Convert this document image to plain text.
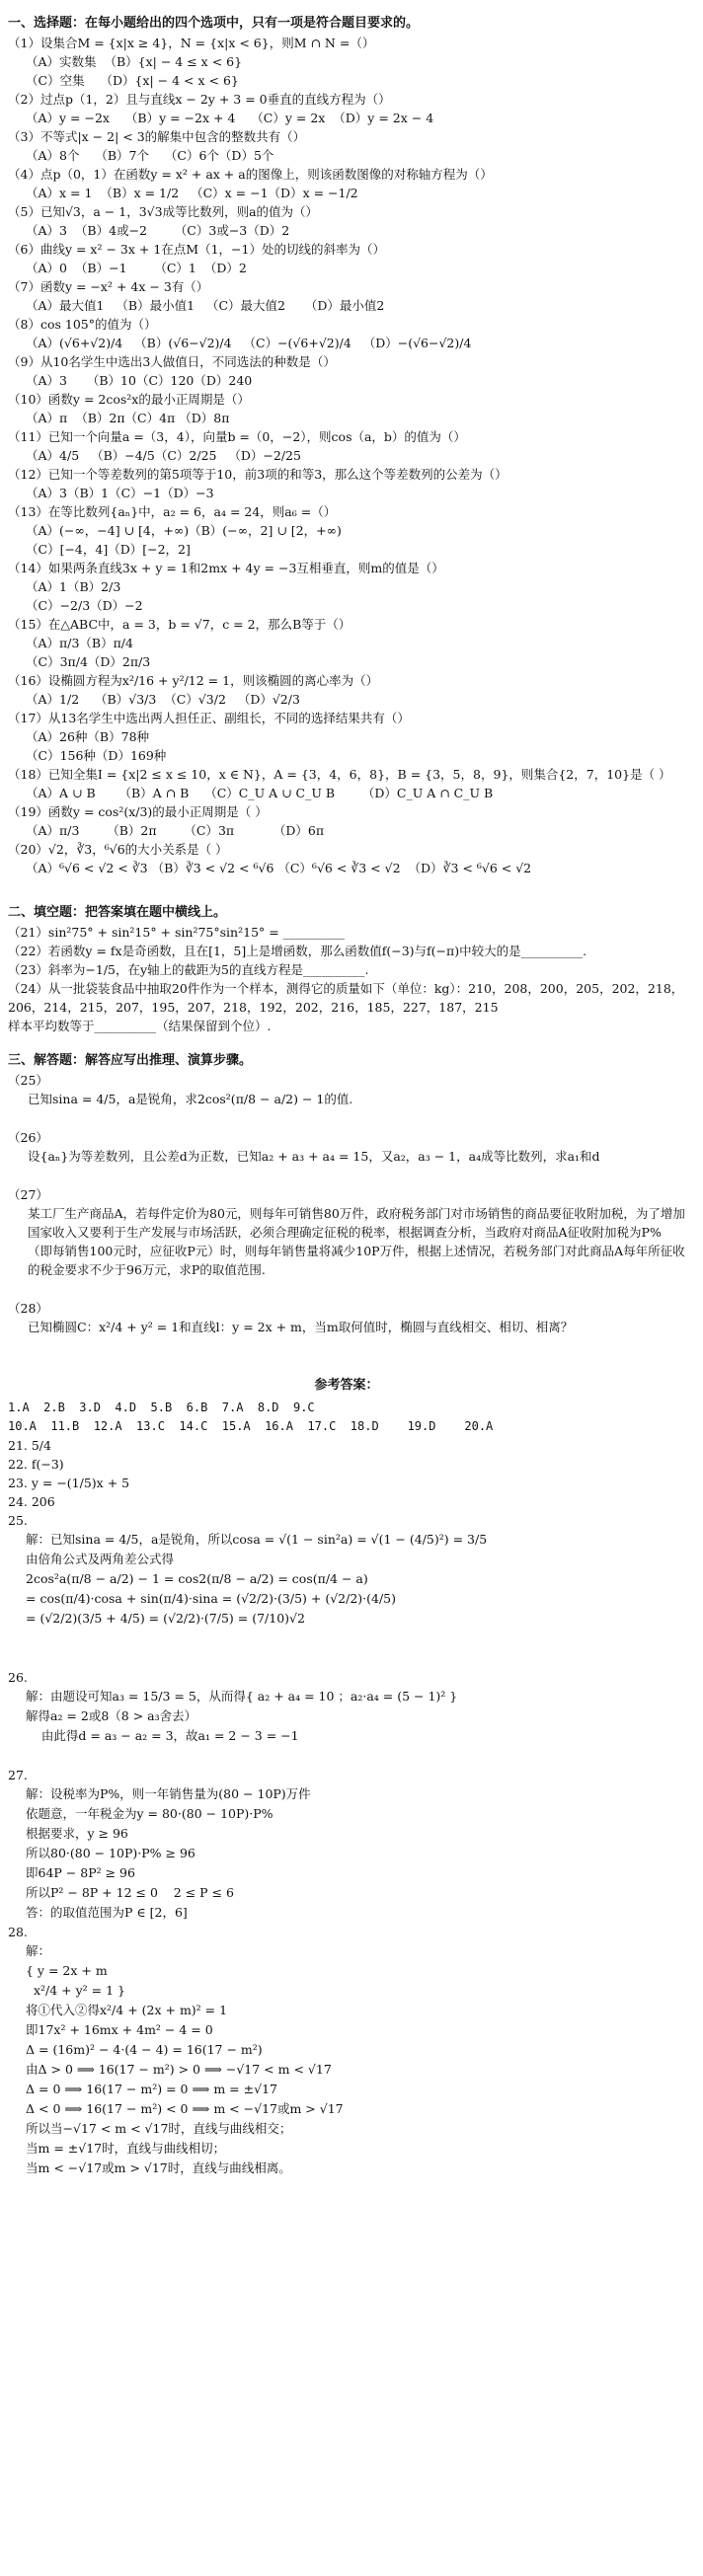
一、选择题：在每小题给出的四个选项中，只有一项是符合题目要求的。
（1）设集合M = {x|x ≥ 4}，N = {x|x < 6}，则M ∩ N =（）
（A）实数集  （B）{x| − 4 ≤ x < 6}
（C）空集    （D）{x| − 4 < x < 6}
（2）过点p（1，2）且与直线x − 2y + 3 = 0垂直的直线方程为（）
（A）y = −2x    （B）y = −2x + 4    （C）y = 2x  （D）y = 2x − 4
（3）不等式|x − 2| < 3的解集中包含的整数共有（）
（A）8个    （B）7个    （C）6个（D）5个
（4）点p（0，1）在函数y = x² + ax + a的图像上，则该函数图像的对称轴方程为（）
（A）x = 1  （B）x = 1/2   （C）x = −1（D）x = −1/2
（5）已知√3，a − 1，3√3成等比数列，则a的值为（）
（A）3  （B）4或−2       （C）3或−3（D）2
（6）曲线y = x² − 3x + 1在点M（1，−1）处的切线的斜率为（）
（A）0  （B）−1       （C）1  （D）2
（7）函数y = −x² + 4x − 3有（）
（A）最大值1   （B）最小值1   （C）最大值2     （D）最小值2
（8）cos 105°的值为（）
（A）(√6+√2)/4   （B）(√6−√2)/4   （C）−(√6+√2)/4   （D）−(√6−√2)/4
（9）从10名学生中选出3人做值日，不同选法的种数是（）
（A）3     （B）10（C）120（D）240
（10）函数y = 2cos²x的最小正周期是（）
（A）π  （B）2π（C）4π （D）8π
（11）已知一个向量a =（3，4），向量b =（0，−2），则cos（a，b）的值为（）
（A）4/5   （B）−4/5（C）2/25   （D）−2/25
（12）已知一个等差数列的第5项等于10，前3项的和等3，那么这个等差数列的公差为（）
（A）3（B）1（C）−1（D）−3
（13）在等比数列{aₙ}中，a₂ = 6，a₄ = 24，则a₆ =（）
（A）(−∞，−4] ∪ [4，+∞)（B）(−∞，2] ∪ [2，+∞)
（C）[−4，4]（D）[−2，2]
（14）如果两条直线3x + y = 1和2mx + 4y = −3互相垂直，则m的值是（）
（A）1（B）2/3
（C）−2/3（D）−2
（15）在△ABC中，a = 3，b = √7，c = 2，那么B等于（）
（A）π/3（B）π/4
（C）3π/4（D）2π/3
（16）设椭圆方程为x²/16 + y²/12 = 1，则该椭圆的离心率为（）
（A）1/2    （B）√3/3  （C）√3/2   （D）√2/3
（17）从13名学生中选出两人担任正、副组长，不同的选择结果共有（）
（A）26种（B）78种
（C）156种（D）169种
（18）已知全集I = {x|2 ≤ x ≤ 10，x ∈ N}，A = {3，4，6，8}，B = {3，5，8，9}，则集合{2，7，10}是（ ）
（A）A ∪ B      （B）A ∩ B    （C）C_U A ∪ C_U B       （D）C_U A ∩ C_U B
（19）函数y = cos²(x/3)的最小正周期是（ ）
（A）π/3       （B）2π       （C）3π          （D）6π
（20）√2，∛3，⁶√6的大小关系是（ ）
（A）⁶√6 < √2 < ∛3 （B）∛3 < √2 < ⁶√6 （C）⁶√6 < ∛3 < √2  （D）∛3 < ⁶√6 < √2
二、填空题：把答案填在题中横线上。
（21）sin²75° + sin²15° + sin²75°sin²15° = __________
（22）若函数y = fx是奇函数，且在[1，5]上是增函数，那么函数值f(−3)与f(−π)中较大的是__________.
（23）斜率为−1/5，在y轴上的截距为5的直线方程是__________.
（24）从一批袋装食品中抽取20件作为一个样本，测得它的质量如下（单位：kg）：210，208，200，205，202，218，206，214，215，207，195，207，218，192，202，216，185，227，187，215
样本平均数等于__________（结果保留到个位）.
三、解答题：解答应写出推理、演算步骤。
（25）
已知sina = 4/5，a是锐角，求2cos²(π/8 − a/2) − 1的值.
（26）
设{aₙ}为等差数列，且公差d为正数，已知a₂ + a₃ + a₄ = 15，又a₂，a₃ − 1，a₄成等比数列，求a₁和d
（27）
某工厂生产商品A，若每件定价为80元，则每年可销售80万件，政府税务部门对市场销售的商品要征收附加税，为了增加国家收入又要利于生产发展与市场活跃，必须合理确定征税的税率，根据调查分析，当政府对商品A征收附加税为P%（即每销售100元时，应征收P元）时，则每年销售量将减少10P万件，根据上述情况，若税务部门对此商品A每年所征收的税金要求不少于96万元，求P的取值范围.
（28）
已知椭圆C：x²/4 + y² = 1和直线l：y = 2x + m，当m取何值时，椭圆与直线相交、相切、相离？
参考答案：
1.A  2.B  3.D  4.D  5.B  6.B  7.A  8.D  9.C
10.A  11.B  12.A  13.C  14.C  15.A  16.A  17.C  18.D    19.D    20.A
21. 5/4
22. f(−3)
23. y = −(1/5)x + 5
24. 206
25.
解：已知sina = 4/5，a是锐角，所以cosa = √(1 − sin²a) = √(1 − (4/5)²) = 3/5
由倍角公式及两角差公式得
2cos²a(π/8 − a/2) − 1 = cos2(π/8 − a/2) = cos(π/4 − a)
= cos(π/4)·cosa + sin(π/4)·sina = (√2/2)·(3/5) + (√2/2)·(4/5)
= (√2/2)(3/5 + 4/5) = (√2/2)·(7/5) = (7/10)√2
26.
解：由题设可知a₃ = 15/3 = 5，从而得{ a₂ + a₄ = 10 ；a₂·a₄ = (5 − 1)² }
解得a₂ = 2或8（8 > a₃舍去）
由此得d = a₃ − a₂ = 3，故a₁ = 2 − 3 = −1
27.
解：设税率为P%，则一年销售量为(80 − 10P)万件
依题意，一年税金为y = 80·(80 − 10P)·P%
根据要求，y ≥ 96
所以80·(80 − 10P)·P% ≥ 96
即64P − 8P² ≥ 96
所以P² − 8P + 12 ≤ 0    2 ≤ P ≤ 6
答：的取值范围为P ∈ [2，6]
28.
解：
{ y = 2x + m
x²/4 + y² = 1 }
将①代入②得x²/4 + (2x + m)² = 1
即17x² + 16mx + 4m² − 4 = 0
Δ = (16m)² − 4·(4 − 4) = 16(17 − m²)
由Δ > 0 ⟹ 16(17 − m²) > 0 ⟹ −√17 < m < √17
Δ = 0 ⟹ 16(17 − m²) = 0 ⟹ m = ±√17
Δ < 0 ⟹ 16(17 − m²) < 0 ⟹ m < −√17或m > √17
所以当−√17 < m < √17时，直线与曲线相交；
当m = ±√17时，直线与曲线相切；
当m < −√17或m > √17时，直线与曲线相离。
